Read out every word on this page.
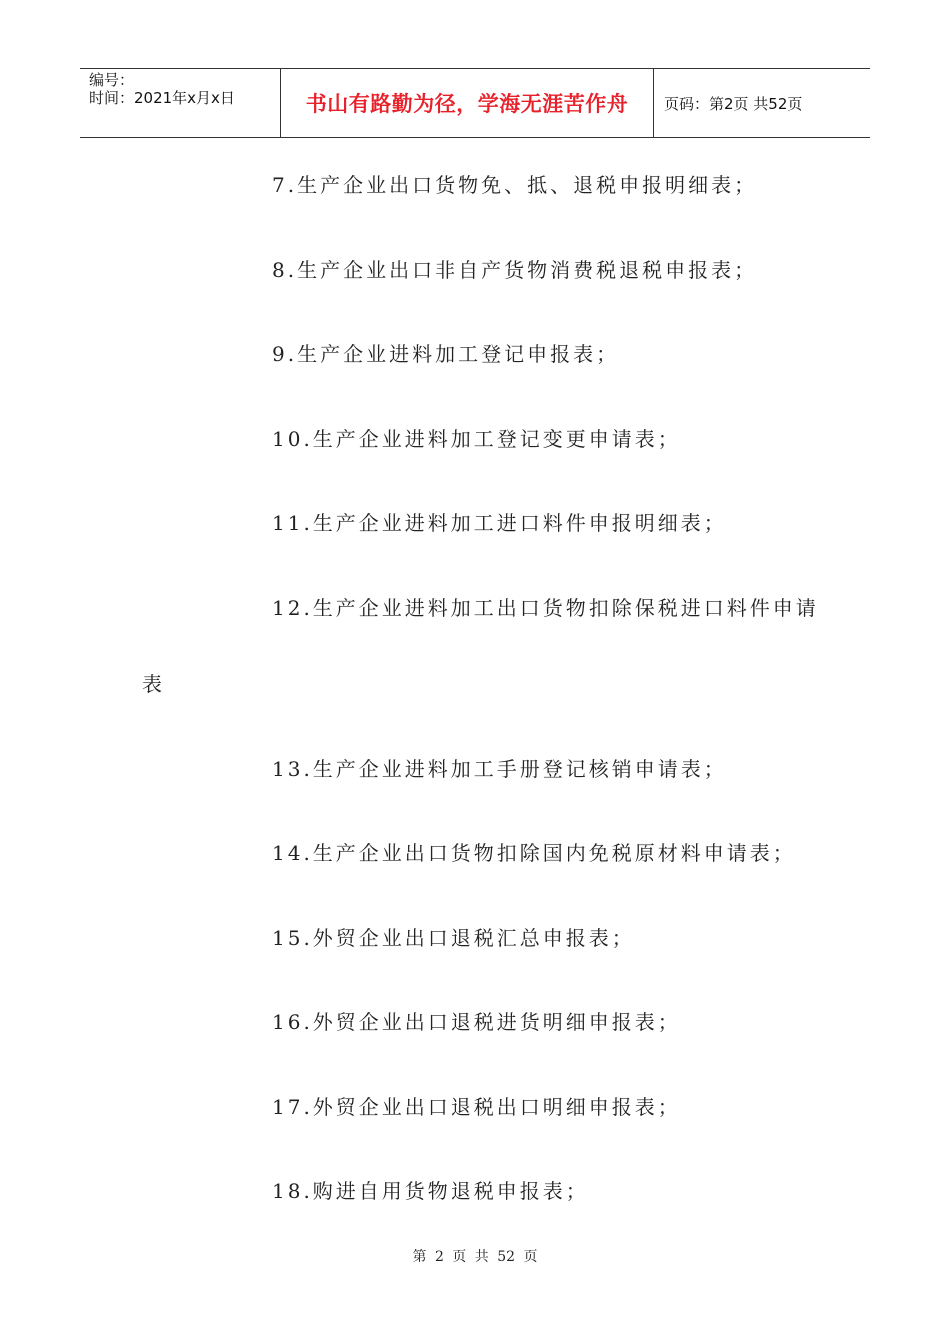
编号：
时间：2021年x月x日	书山有路勤为径，学海无涯苦作舟	页码：第2页 共52页
7.生产企业出口货物免、抵、退税申报明细表；
8.生产企业出口非自产货物消费税退税申报表；
9.生产企业进料加工登记申报表；
10.生产企业进料加工登记变更申请表；
11.生产企业进料加工进口料件申报明细表；
12.生产企业进料加工出口货物扣除保税进口料件申请
表
13.生产企业进料加工手册登记核销申请表；
14.生产企业出口货物扣除国内免税原材料申请表；
15.外贸企业出口退税汇总申报表；
16.外贸企业出口退税进货明细申报表；
17.外贸企业出口退税出口明细申报表；
18.购进自用货物退税申报表；
第 2 页 共 52 页
